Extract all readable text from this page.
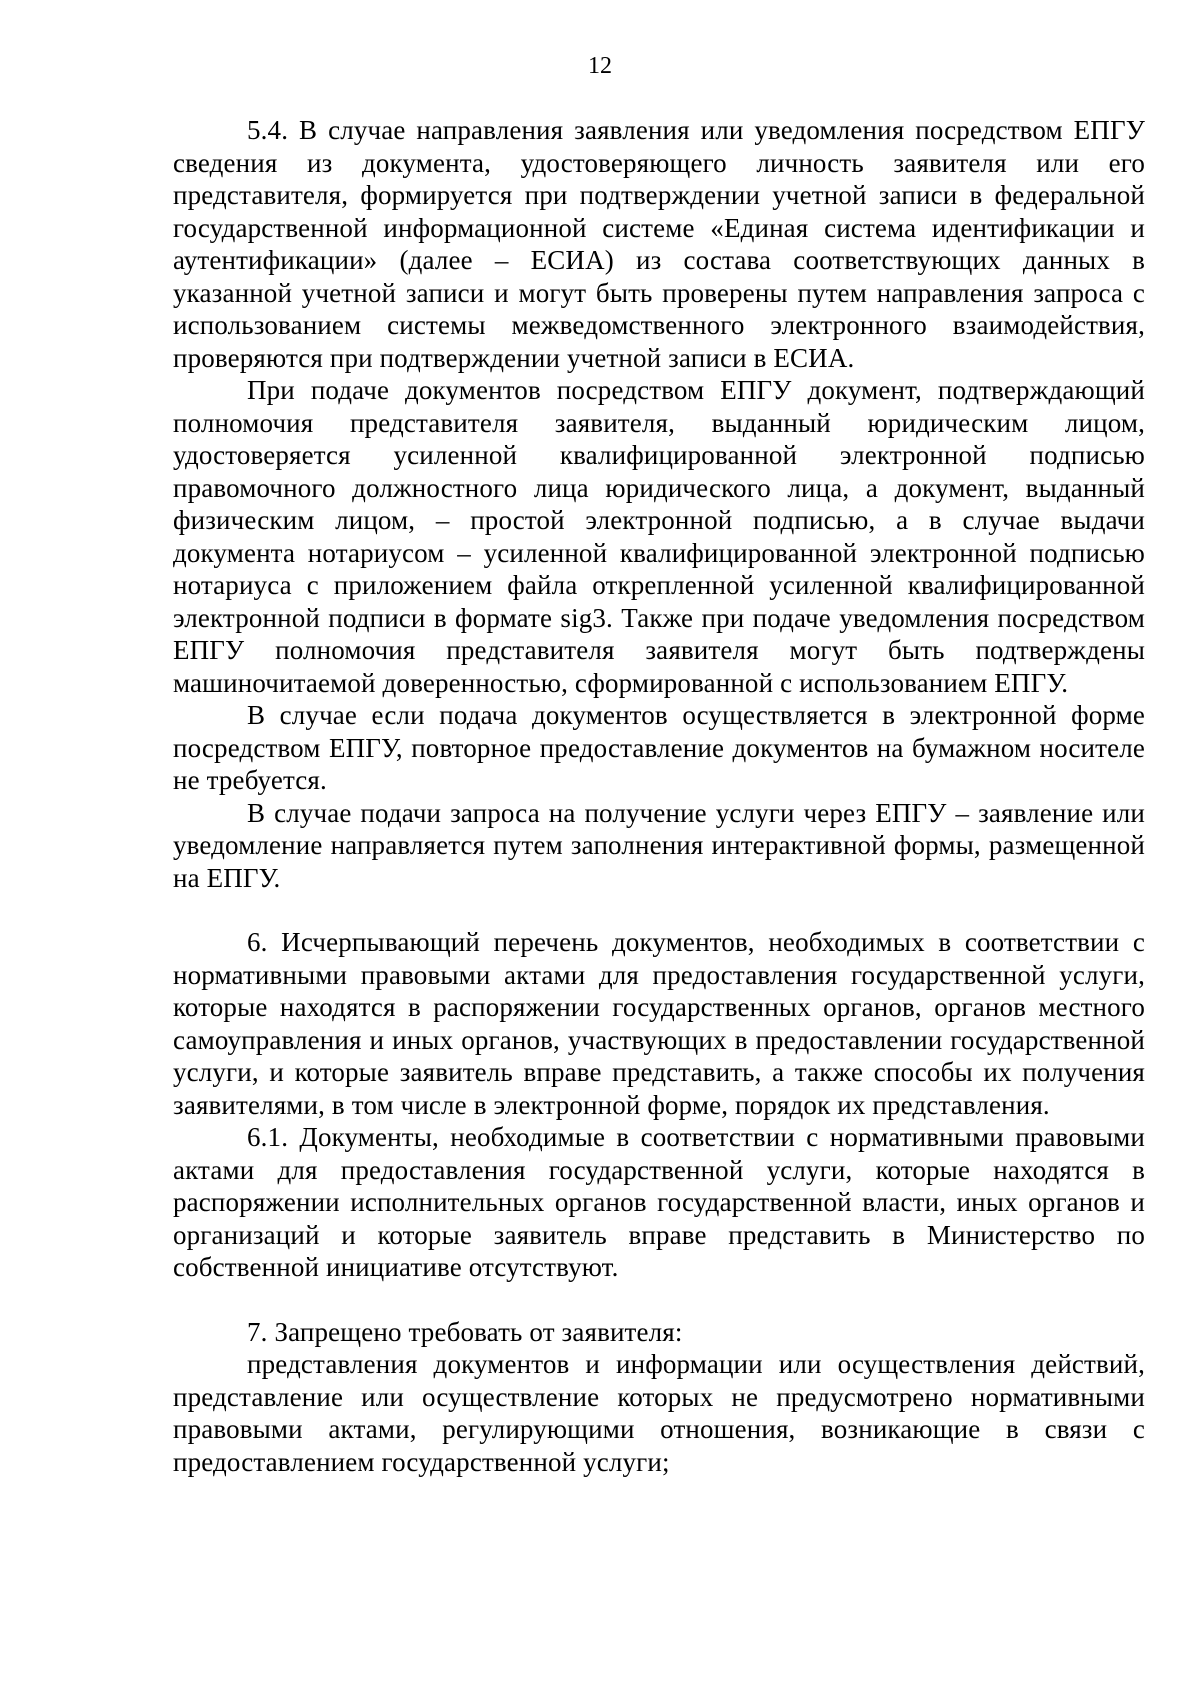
12

5.4. В случае направления заявления или уведомления посредством ЕПГУ сведения из документа, удостоверяющего личность заявителя или его представителя, формируется при подтверждении учетной записи в федеральной государственной информационной системе «Единая система идентификации и аутентификации» (далее – ЕСИА) из состава соответствующих данных в указанной учетной записи и могут быть проверены путем направления запроса с использованием системы межведомственного электронного взаимодействия, проверяются при подтверждении учетной записи в ЕСИА.

При подаче документов посредством ЕПГУ документ, подтверждающий полномочия представителя заявителя, выданный юридическим лицом, удостоверяется усиленной квалифицированной электронной подписью правомочного должностного лица юридического лица, а документ, выданный физическим лицом, – простой электронной подписью, а в случае выдачи документа нотариусом – усиленной квалифицированной электронной подписью нотариуса с приложением файла открепленной усиленной квалифицированной электронной подписи в формате sig3. Также при подаче уведомления посредством ЕПГУ полномочия представителя заявителя могут быть подтверждены машиночитаемой доверенностью, сформированной с использованием ЕПГУ.

В случае если подача документов осуществляется в электронной форме посредством ЕПГУ, повторное предоставление документов на бумажном носителе не требуется.

В случае подачи запроса на получение услуги через ЕПГУ – заявление или уведомление направляется путем заполнения интерактивной формы, размещенной на ЕПГУ.

6. Исчерпывающий перечень документов, необходимых в соответствии с нормативными правовыми актами для предоставления государственной услуги, которые находятся в распоряжении государственных органов, органов местного самоуправления и иных органов, участвующих в предоставлении государственной услуги, и которые заявитель вправе представить, а также способы их получения заявителями, в том числе в электронной форме, порядок их представления.

6.1. Документы, необходимые в соответствии с нормативными правовыми актами для предоставления государственной услуги, которые находятся в распоряжении исполнительных органов государственной власти, иных органов и организаций и которые заявитель вправе представить в Министерство по собственной инициативе отсутствуют.

7. Запрещено требовать от заявителя:

представления документов и информации или осуществления действий, представление или осуществление которых не предусмотрено нормативными правовыми актами, регулирующими отношения, возникающие в связи с предоставлением государственной услуги;
